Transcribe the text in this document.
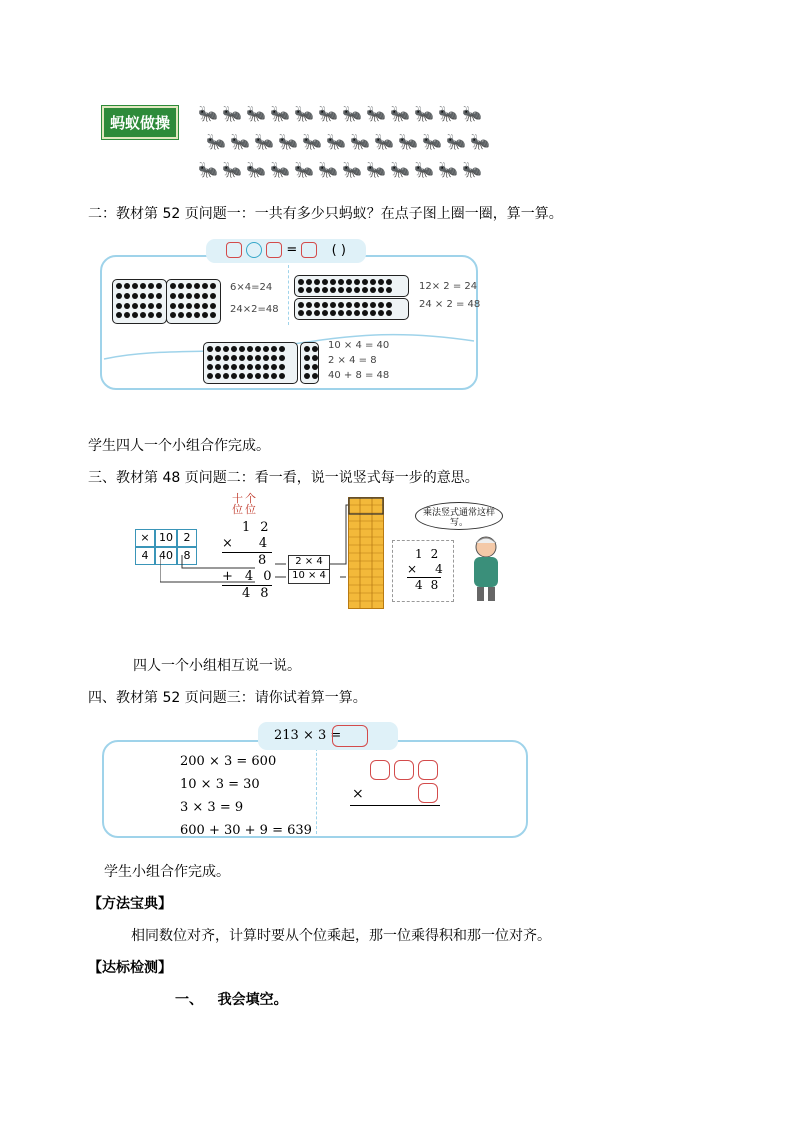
蚂蚁做操	🐜 🐜 🐜 🐜 🐜 🐜 🐜 🐜 🐜 🐜 🐜 🐜
🐜 🐜 🐜 🐜 🐜 🐜 🐜 🐜 🐜 🐜 🐜 🐜
🐜 🐜 🐜 🐜 🐜 🐜 🐜 🐜 🐜 🐜 🐜 🐜
二：教材第 52 页问题一：一共有多少只蚂蚁？在点子图上圈一圈，算一算。
=	( )
6×4=24
24×2=48
12× 2 = 24
24 × 2 = 48
10 × 4 = 40
2 × 4 = 8
40 + 8 = 48
学生四人一个小组合作完成。
三、教材第 48 页问题二：看一看，说一说竖式每一步的意思。
× 10 2
4 40 8
十 个
位 位
1 2
× 4
8
+ 4 0
4 8
2 × 4
10 × 4
1 2
× 4
4 8
乘法竖式通常这样写。
四人一个小组相互说一说。
四、教材第 52 页问题三：请你试着算一算。
213 × 3 =
200 × 3 = 600
10 × 3 = 30
3 × 3 = 9
600 + 30 + 9 = 639
×
学生小组合作完成。
【方法宝典】
相同数位对齐，计算时要从个位乘起，那一位乘得积和那一位对齐。
【达标检测】
一、   我会填空。
